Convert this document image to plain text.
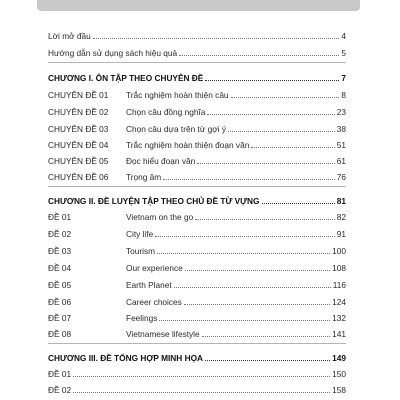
Lời mở đầu	4
Hướng dẫn sử dụng sách hiệu quả	5
CHƯƠNG I. ÔN TẬP THEO CHUYÊN ĐỀ	7
CHUYÊN ĐỀ 01	Trắc nghiệm hoàn thiện câu	8
CHUYÊN ĐỀ 02	Chọn câu đồng nghĩa	23
CHUYÊN ĐỀ 03	Chọn câu dựa trên từ gợi ý	38
CHUYÊN ĐỀ 04	Trắc nghiệm hoàn thiện đoạn văn	51
CHUYÊN ĐỀ 05	Đọc hiểu đoạn văn	61
CHUYÊN ĐỀ 06	Trọng âm	76
CHƯƠNG II. ĐỀ LUYỆN TẬP THEO CHỦ ĐỀ TỪ VỰNG	81
ĐỀ 01	Vietnam on the go	82
ĐỀ 02	City life	91
ĐỀ 03	Tourism	100
ĐỀ 04	Our experience	108
ĐỀ 05	Earth Planet	116
ĐỀ 06	Career choices	124
ĐỀ 07	Feelings	132
ĐỀ 08	Vietnamese lifestyle	141
CHƯƠNG III. ĐỀ TỔNG HỢP MINH HỌA	149
ĐỀ 01	150
ĐỀ 02	158
